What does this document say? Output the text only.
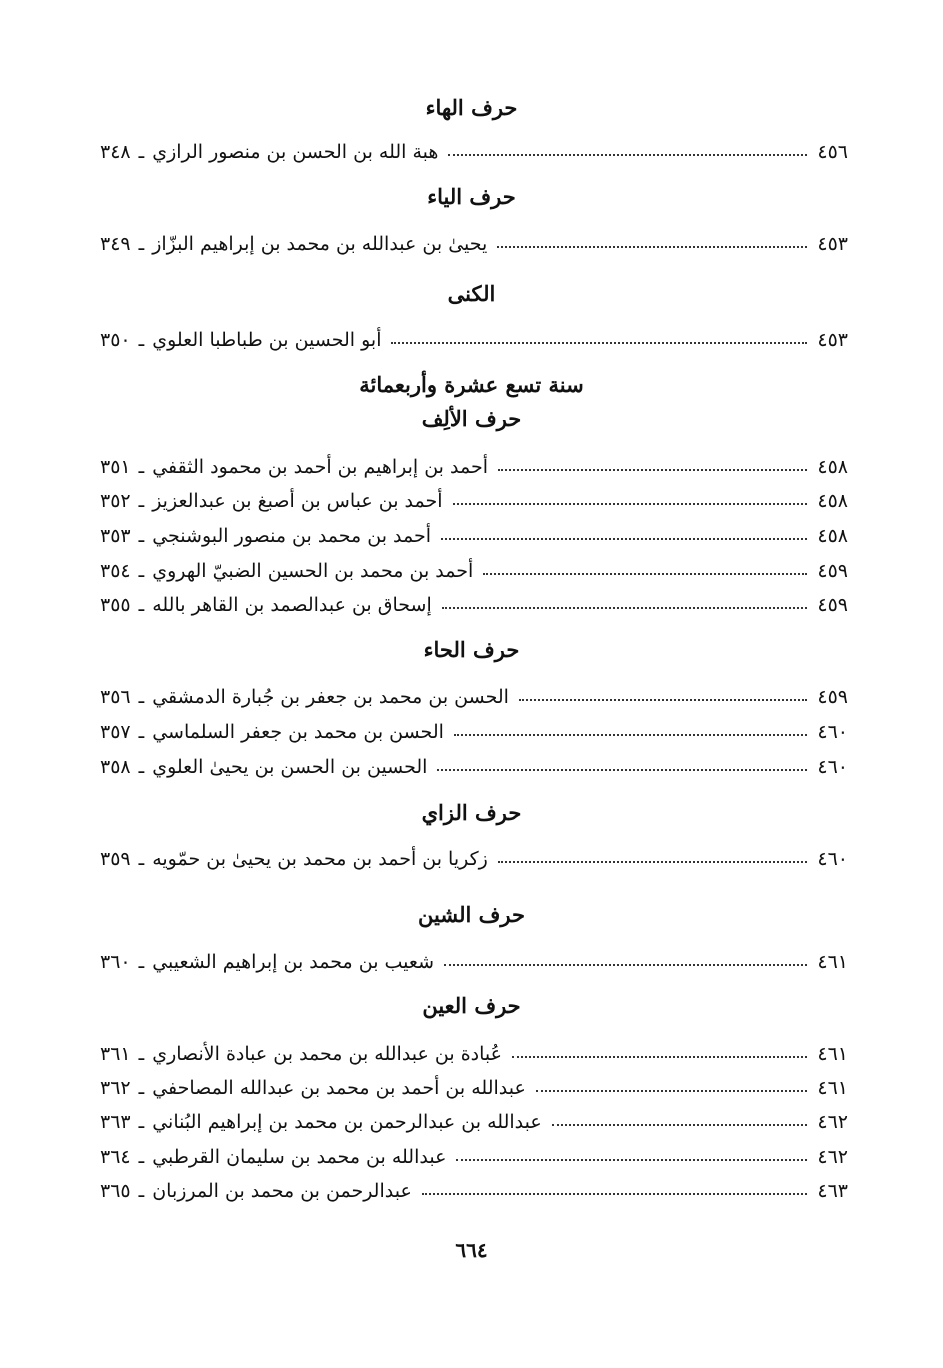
حرف الهاء
٣٤٨ ـ هبة الله بن الحسن بن منصور الرازي	٤٥٦
حرف الياء
٣٤٩ ـ يحيىٰ بن عبدالله بن محمد بن إبراهيم البزّاز	٤٥٣
الكنى
٣٥٠ ـ أبو الحسين بن طباطبا العلوي	٤٥٣
سنة تسع عشرة وأربعمائة
حرف الألِف
٣٥١ ـ أحمد بن إبراهيم بن أحمد بن محمود الثقفي	٤٥٨
٣٥٢ ـ أحمد بن عباس بن أصبغ بن عبدالعزيز	٤٥٨
٣٥٣ ـ أحمد بن محمد بن منصور البوشنجي	٤٥٨
٣٥٤ ـ أحمد بن محمد بن الحسين الضبيّ الهروي	٤٥٩
٣٥٥ ـ إسحاق بن عبدالصمد بن القاهر بالله	٤٥٩
حرف الحاء
٣٥٦ ـ الحسن بن محمد بن جعفر بن جُبارة الدمشقي	٤٥٩
٣٥٧ ـ الحسن بن محمد بن جعفر السلماسي	٤٦٠
٣٥٨ ـ الحسين بن الحسن بن يحيىٰ العلوي	٤٦٠
حرف الزاي
٣٥٩ ـ زكريا بن أحمد بن محمد بن يحيىٰ بن حمّويه	٤٦٠
حرف الشين
٣٦٠ ـ شعيب بن محمد بن إبراهيم الشعيبي	٤٦١
حرف العين
٣٦١ ـ عُبادة بن عبدالله بن محمد بن عبادة الأنصاري	٤٦١
٣٦٢ ـ عبدالله بن أحمد بن محمد بن عبدالله المصاحفي	٤٦١
٣٦٣ ـ عبدالله بن عبدالرحمن بن محمد بن إبراهيم البُناني	٤٦٢
٣٦٤ ـ عبدالله بن محمد بن سليمان القرطبي	٤٦٢
٣٦٥ ـ عبدالرحمن بن محمد بن المرزبان	٤٦٣
٦٦٤
